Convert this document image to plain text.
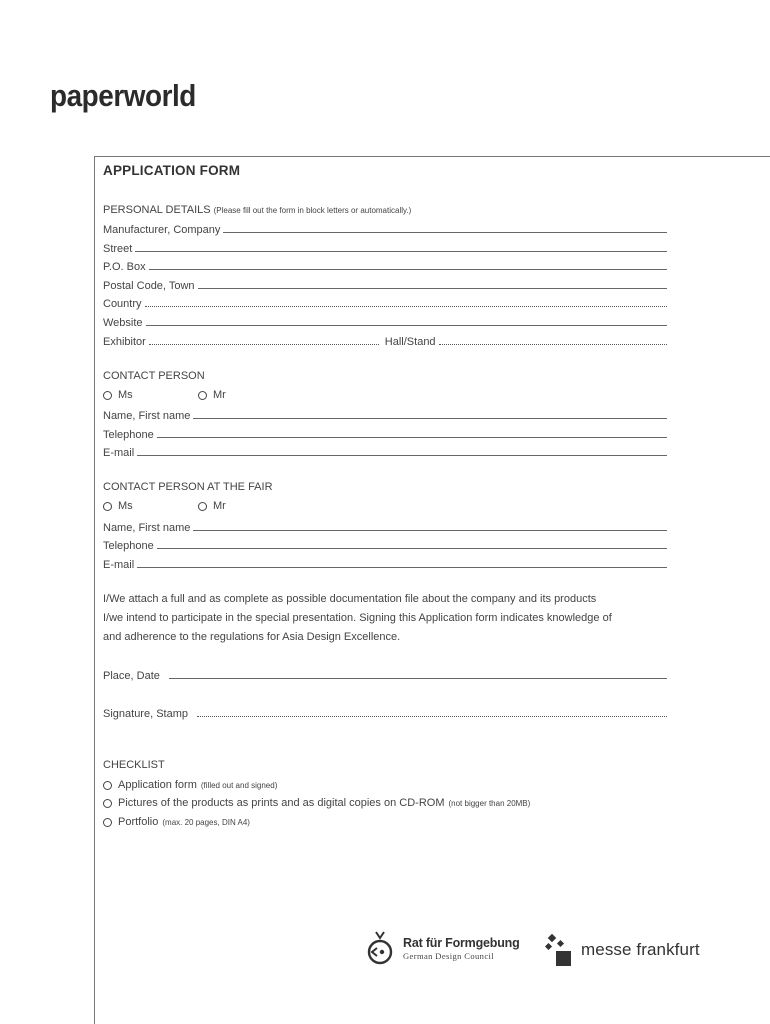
paperworld
APPLICATION FORM
PERSONAL DETAILS (Please fill out the form in block letters or automatically.)
Manufacturer, Company
Street
P.O. Box
Postal Code, Town
Country
Website
Exhibitor	Hall/Stand
CONTACT PERSON
Ms	Mr
Name, First name
Telephone
E-mail
CONTACT PERSON AT THE FAIR
Ms	Mr
Name, First name
Telephone
E-mail
I/We attach a full and as complete as possible documentation file about the company and its products
I/we intend to participate in the special presentation. Signing this Application form indicates knowledge of
and adherence to the regulations for Asia Design Excellence.
Place, Date
Signature, Stamp
CHECKLIST
Application form (filled out and signed)
Pictures of the products as prints and as digital copies on CD-ROM (not bigger than 20MB)
Portfolio (max. 20 pages, DIN A4)
Rat für Formgebung
German Design Council	messe frankfurt
